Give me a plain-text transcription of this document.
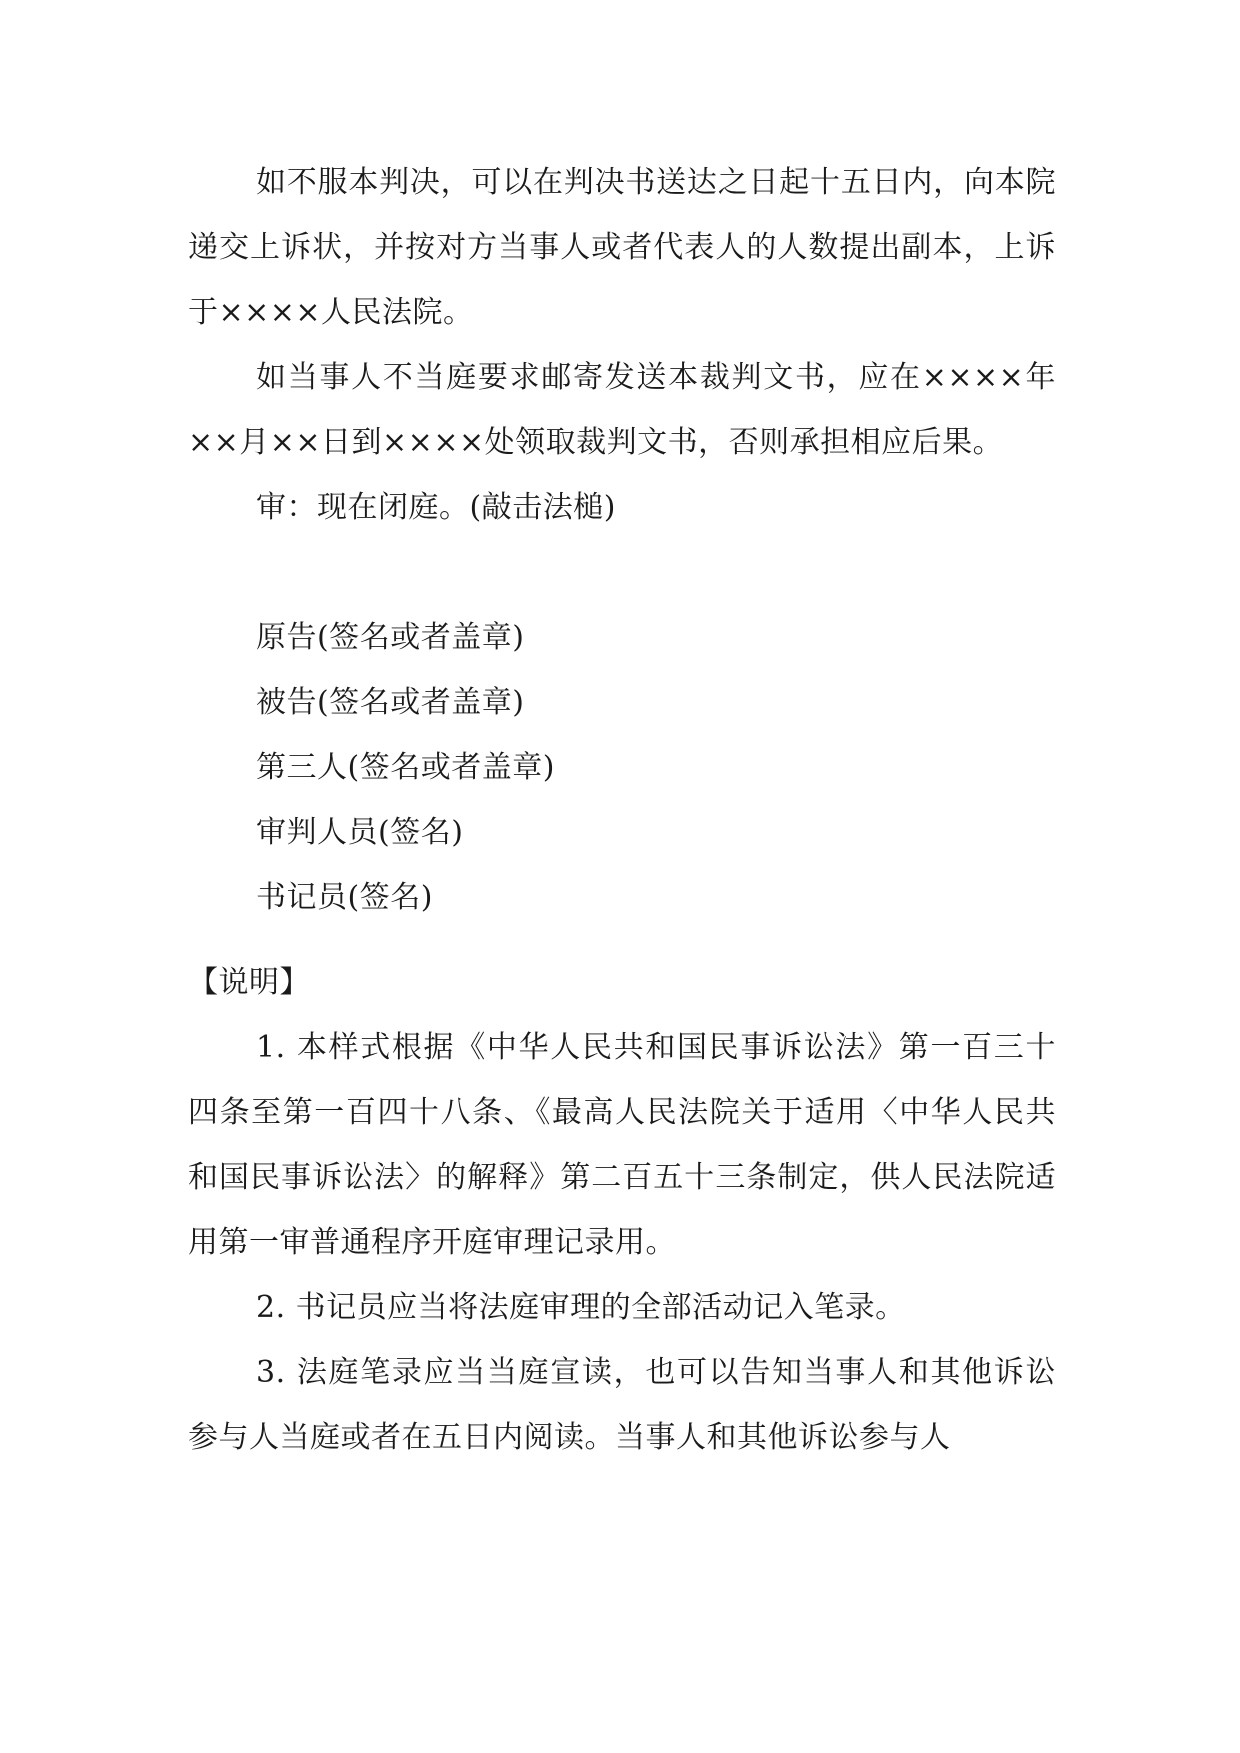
如不服本判决，可以在判决书送达之日起十五日内，向本院递交上诉状，并按对方当事人或者代表人的人数提出副本，上诉于××××人民法院。

如当事人不当庭要求邮寄发送本裁判文书，应在××××年××月××日到××××处领取裁判文书，否则承担相应后果。

审：现在闭庭。(敲击法槌)

原告(签名或者盖章)

被告(签名或者盖章)

第三人(签名或者盖章)

审判人员(签名)

书记员(签名)

【说明】

1. 本样式根据《中华人民共和国民事诉讼法》第一百三十四条至第一百四十八条、《最高人民法院关于适用〈中华人民共和国民事诉讼法〉的解释》第二百五十三条制定，供人民法院适用第一审普通程序开庭审理记录用。

2. 书记员应当将法庭审理的全部活动记入笔录。

3. 法庭笔录应当当庭宣读，也可以告知当事人和其他诉讼参与人当庭或者在五日内阅读。当事人和其他诉讼参与人
